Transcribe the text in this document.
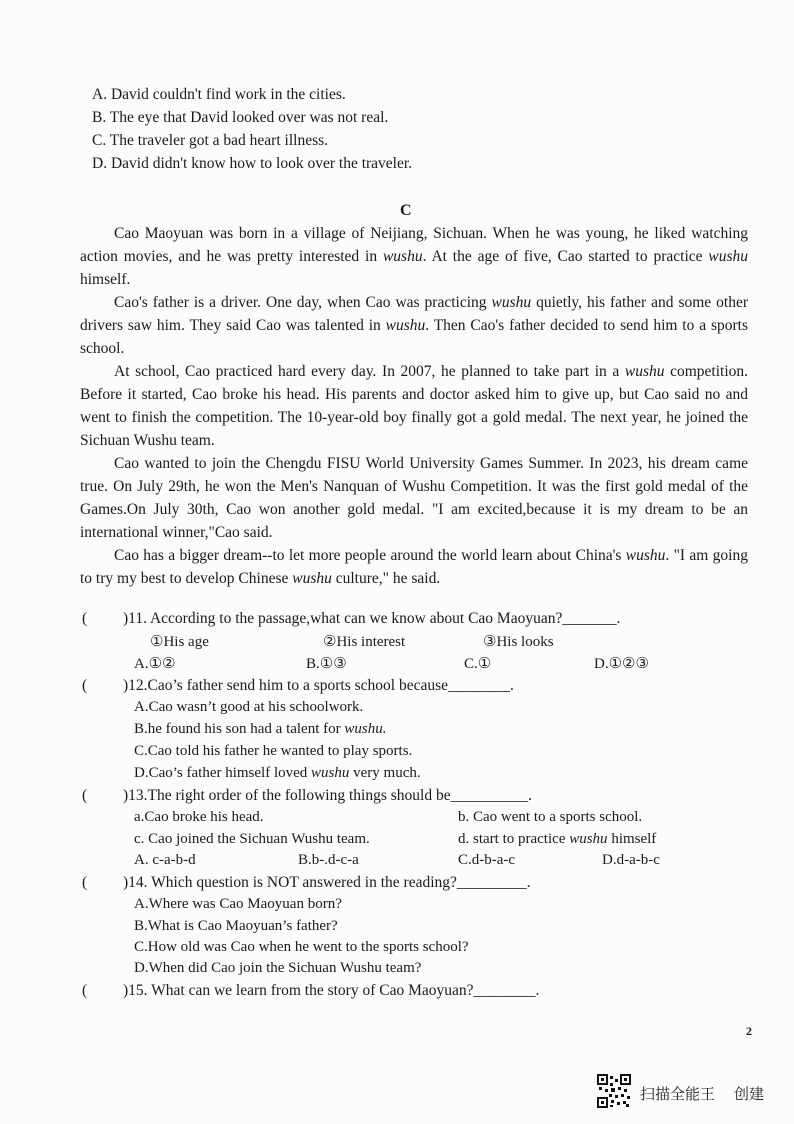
A. David couldn't find work in the cities.
B. The eye that David looked over was not real.
C. The traveler got a bad heart illness.
D. David didn't know how to look over the traveler.
C

Cao Maoyuan was born in a village of Neijiang, Sichuan. When he was young, he liked watching action movies, and he was pretty interested in wushu. At the age of five, Cao started to practice wushu himself.

Cao's father is a driver. One day, when Cao was practicing wushu quietly, his father and some other drivers saw him. They said Cao was talented in wushu. Then Cao's father decided to send him to a sports school.

At school, Cao practiced hard every day. In 2007, he planned to take part in a wushu competition. Before it started, Cao broke his head. His parents and doctor asked him to give up, but Cao said no and went to finish the competition. The 10-year-old boy finally got a gold medal. The next year, he joined the Sichuan Wushu team.

Cao wanted to join the Chengdu FISU World University Games Summer. In 2023, his dream came true. On July 29th, he won the Men's Nanquan of Wushu Competition. It was the first gold medal of the Games.On July 30th, Cao won another gold medal. "I am excited,because it is my dream to be an international winner,"Cao said.

Cao has a bigger dream--to let more people around the world learn about China's wushu. "I am going to try my best to develop Chinese wushu culture," he said.

( )11. According to the passage,what can we know about Cao Maoyuan?_______.
①His age	②His interest	③His looks
A.①②	B.①③	C.①	D.①②③
( )12.Cao’s father send him to a sports school because________.
A.Cao wasn’t good at his schoolwork.
B.he found his son had a talent for wushu.
C.Cao told his father he wanted to play sports.
D.Cao’s father himself loved wushu very much.
( )13.The right order of the following things should be__________.
a.Cao broke his head.	b. Cao went to a sports school.
c. Cao joined the Sichuan Wushu team.	d. start to practice wushu himself
A. c-a-b-d	B.b-.d-c-a	C.d-b-a-c	D.d-a-b-c
( )14. Which question is NOT answered in the reading?_________.
A.Where was Cao Maoyuan born?
B.What is Cao Maoyuan’s father?
C.How old was Cao when he went to the sports school?
D.When did Cao join the Sichuan Wushu team?
( )15. What can we learn from the story of Cao Maoyuan?________.
2
扫描全能王 创建
